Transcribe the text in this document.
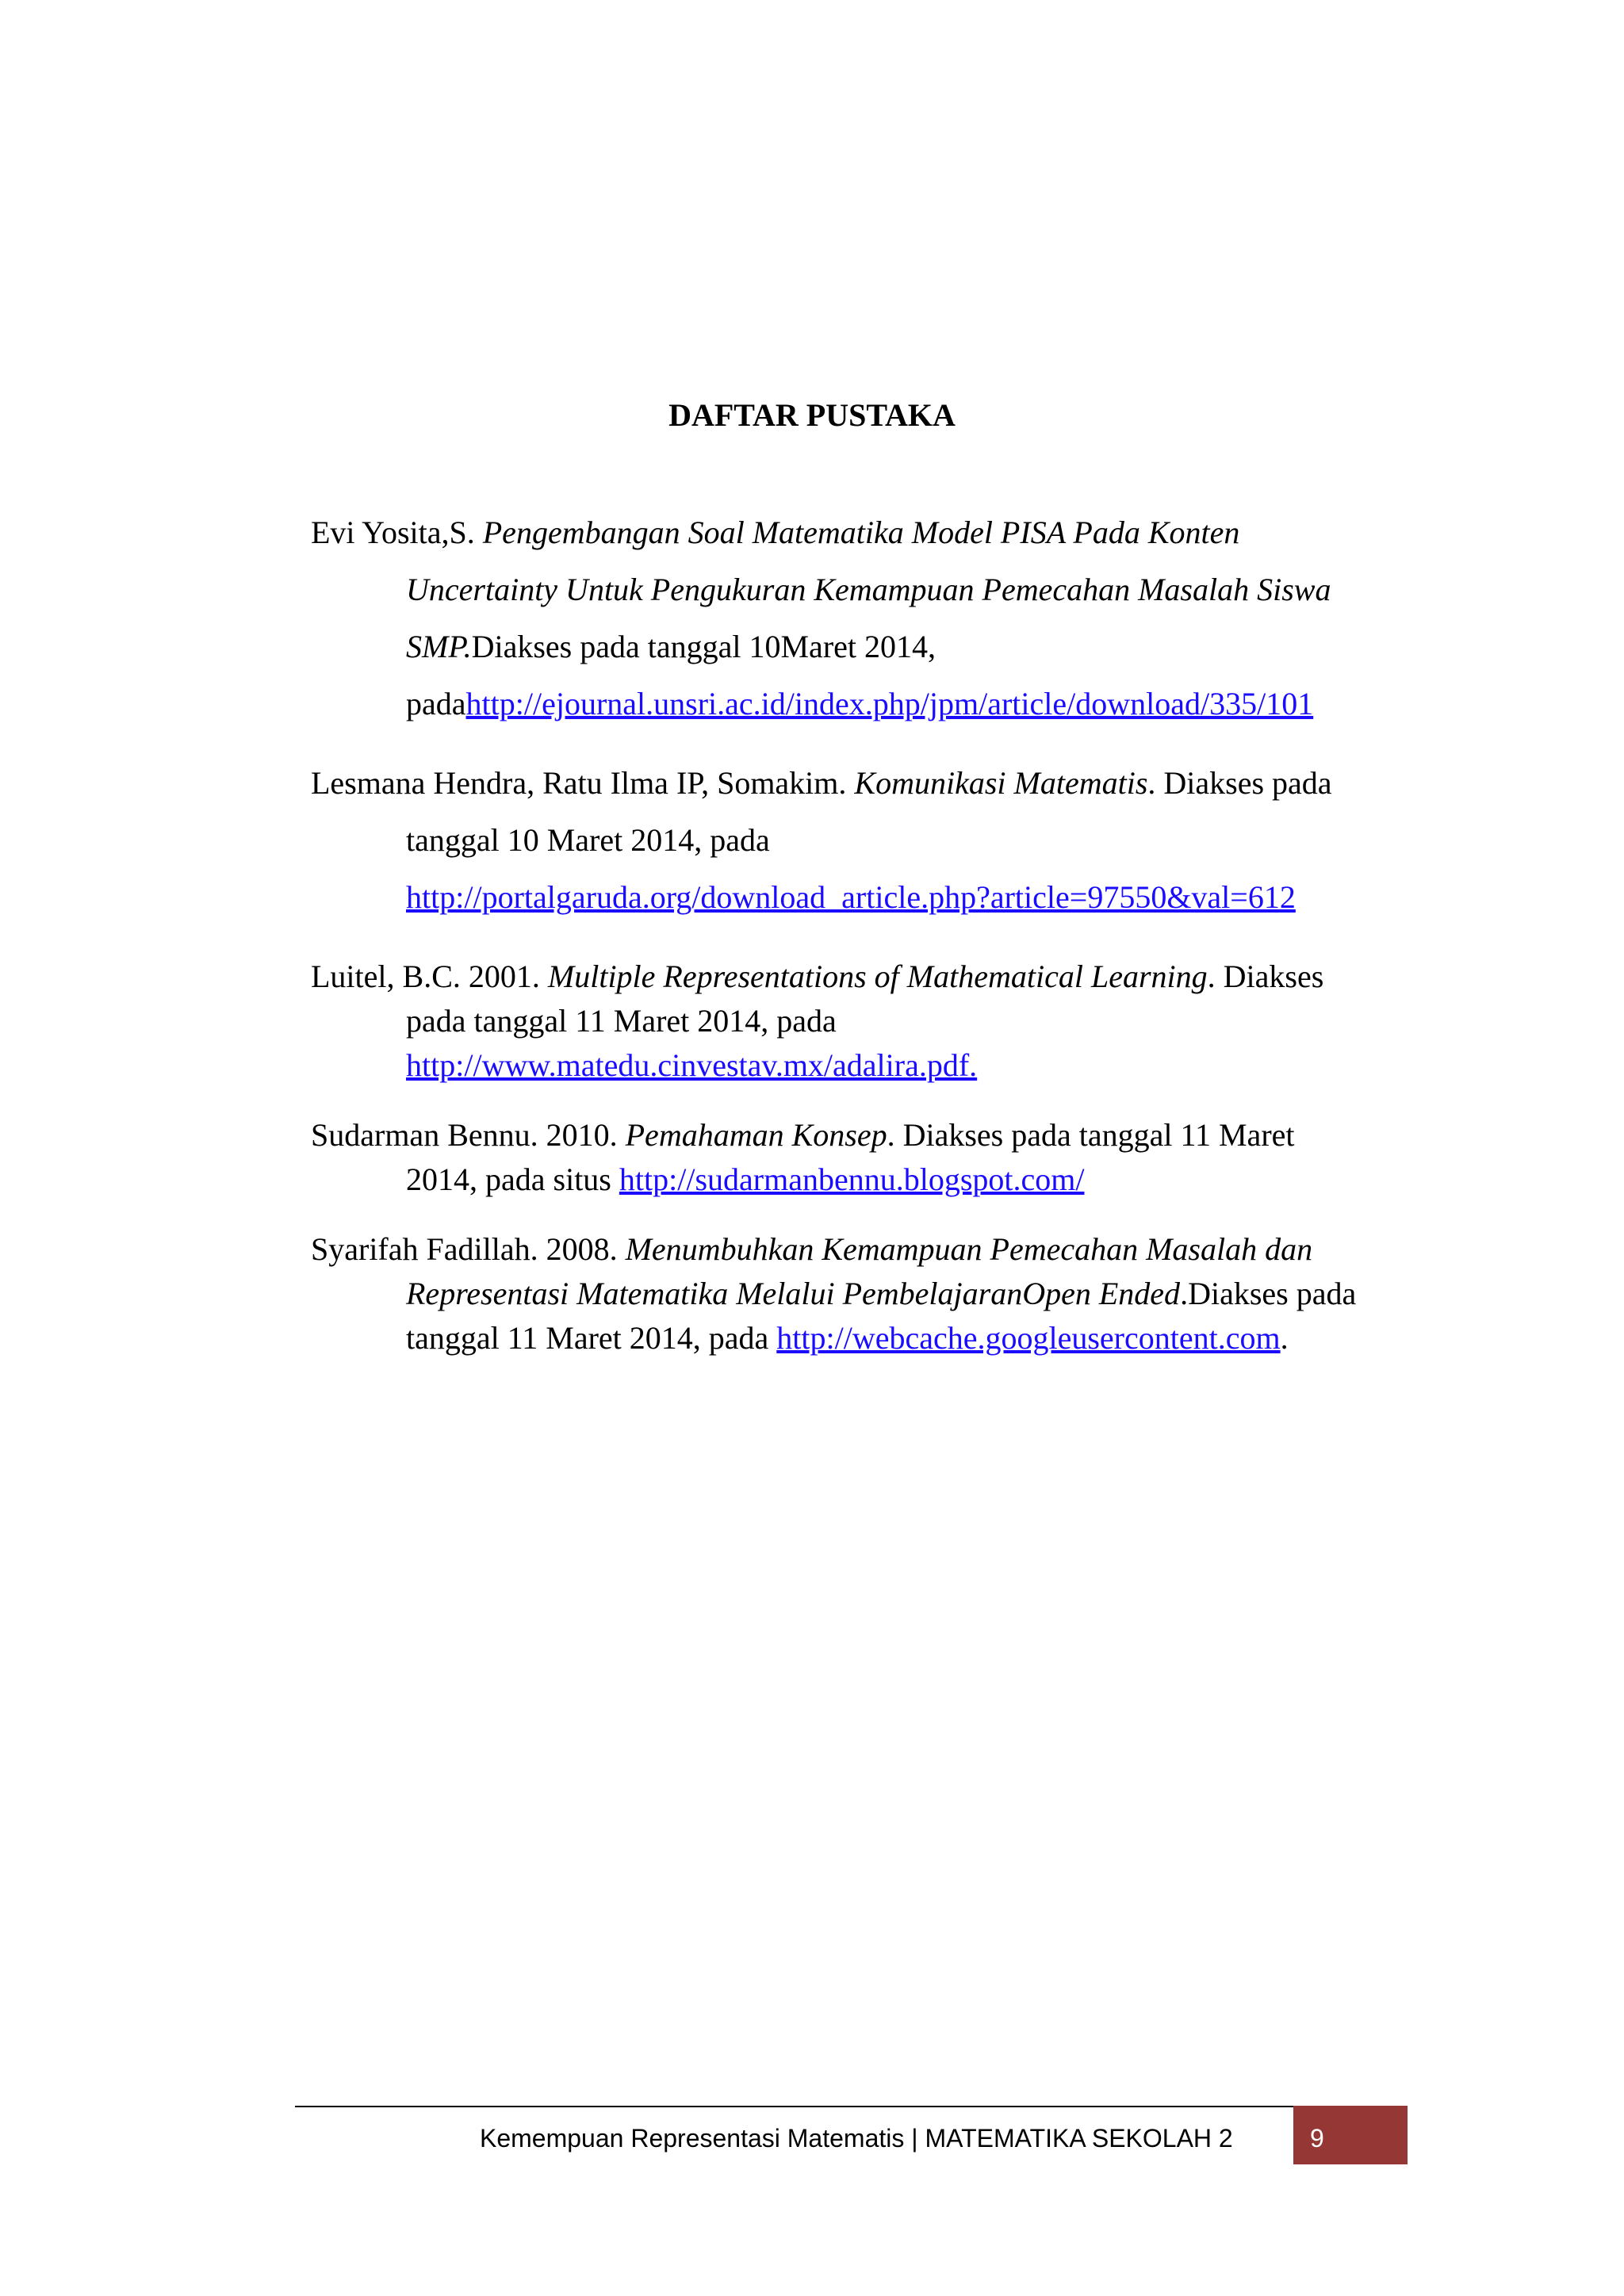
DAFTAR PUSTAKA
Evi Yosita,S. Pengembangan Soal Matematika Model PISA Pada Konten
Uncertainty Untuk Pengukuran Kemampuan Pemecahan Masalah Siswa
SMP.Diakses pada tanggal 10Maret 2014,
padahttp://ejournal.unsri.ac.id/index.php/jpm/article/download/335/101
Lesmana Hendra, Ratu Ilma IP, Somakim. Komunikasi Matematis. Diakses pada
tanggal 10 Maret 2014, pada
http://portalgaruda.org/download_article.php?article=97550&val=612
Luitel, B.C. 2001. Multiple Representations of Mathematical Learning. Diakses
pada tanggal 11 Maret 2014, pada
http://www.matedu.cinvestav.mx/adalira.pdf.
Sudarman Bennu. 2010. Pemahaman Konsep. Diakses pada tanggal 11 Maret
2014, pada situs http://sudarmanbennu.blogspot.com/
Syarifah Fadillah. 2008. Menumbuhkan Kemampuan Pemecahan Masalah dan
Representasi Matematika Melalui PembelajaranOpen Ended.Diakses pada
tanggal 11 Maret 2014, pada http://webcache.googleusercontent.com.
Kemempuan Representasi Matematis | MATEMATIKA SEKOLAH 2	9
